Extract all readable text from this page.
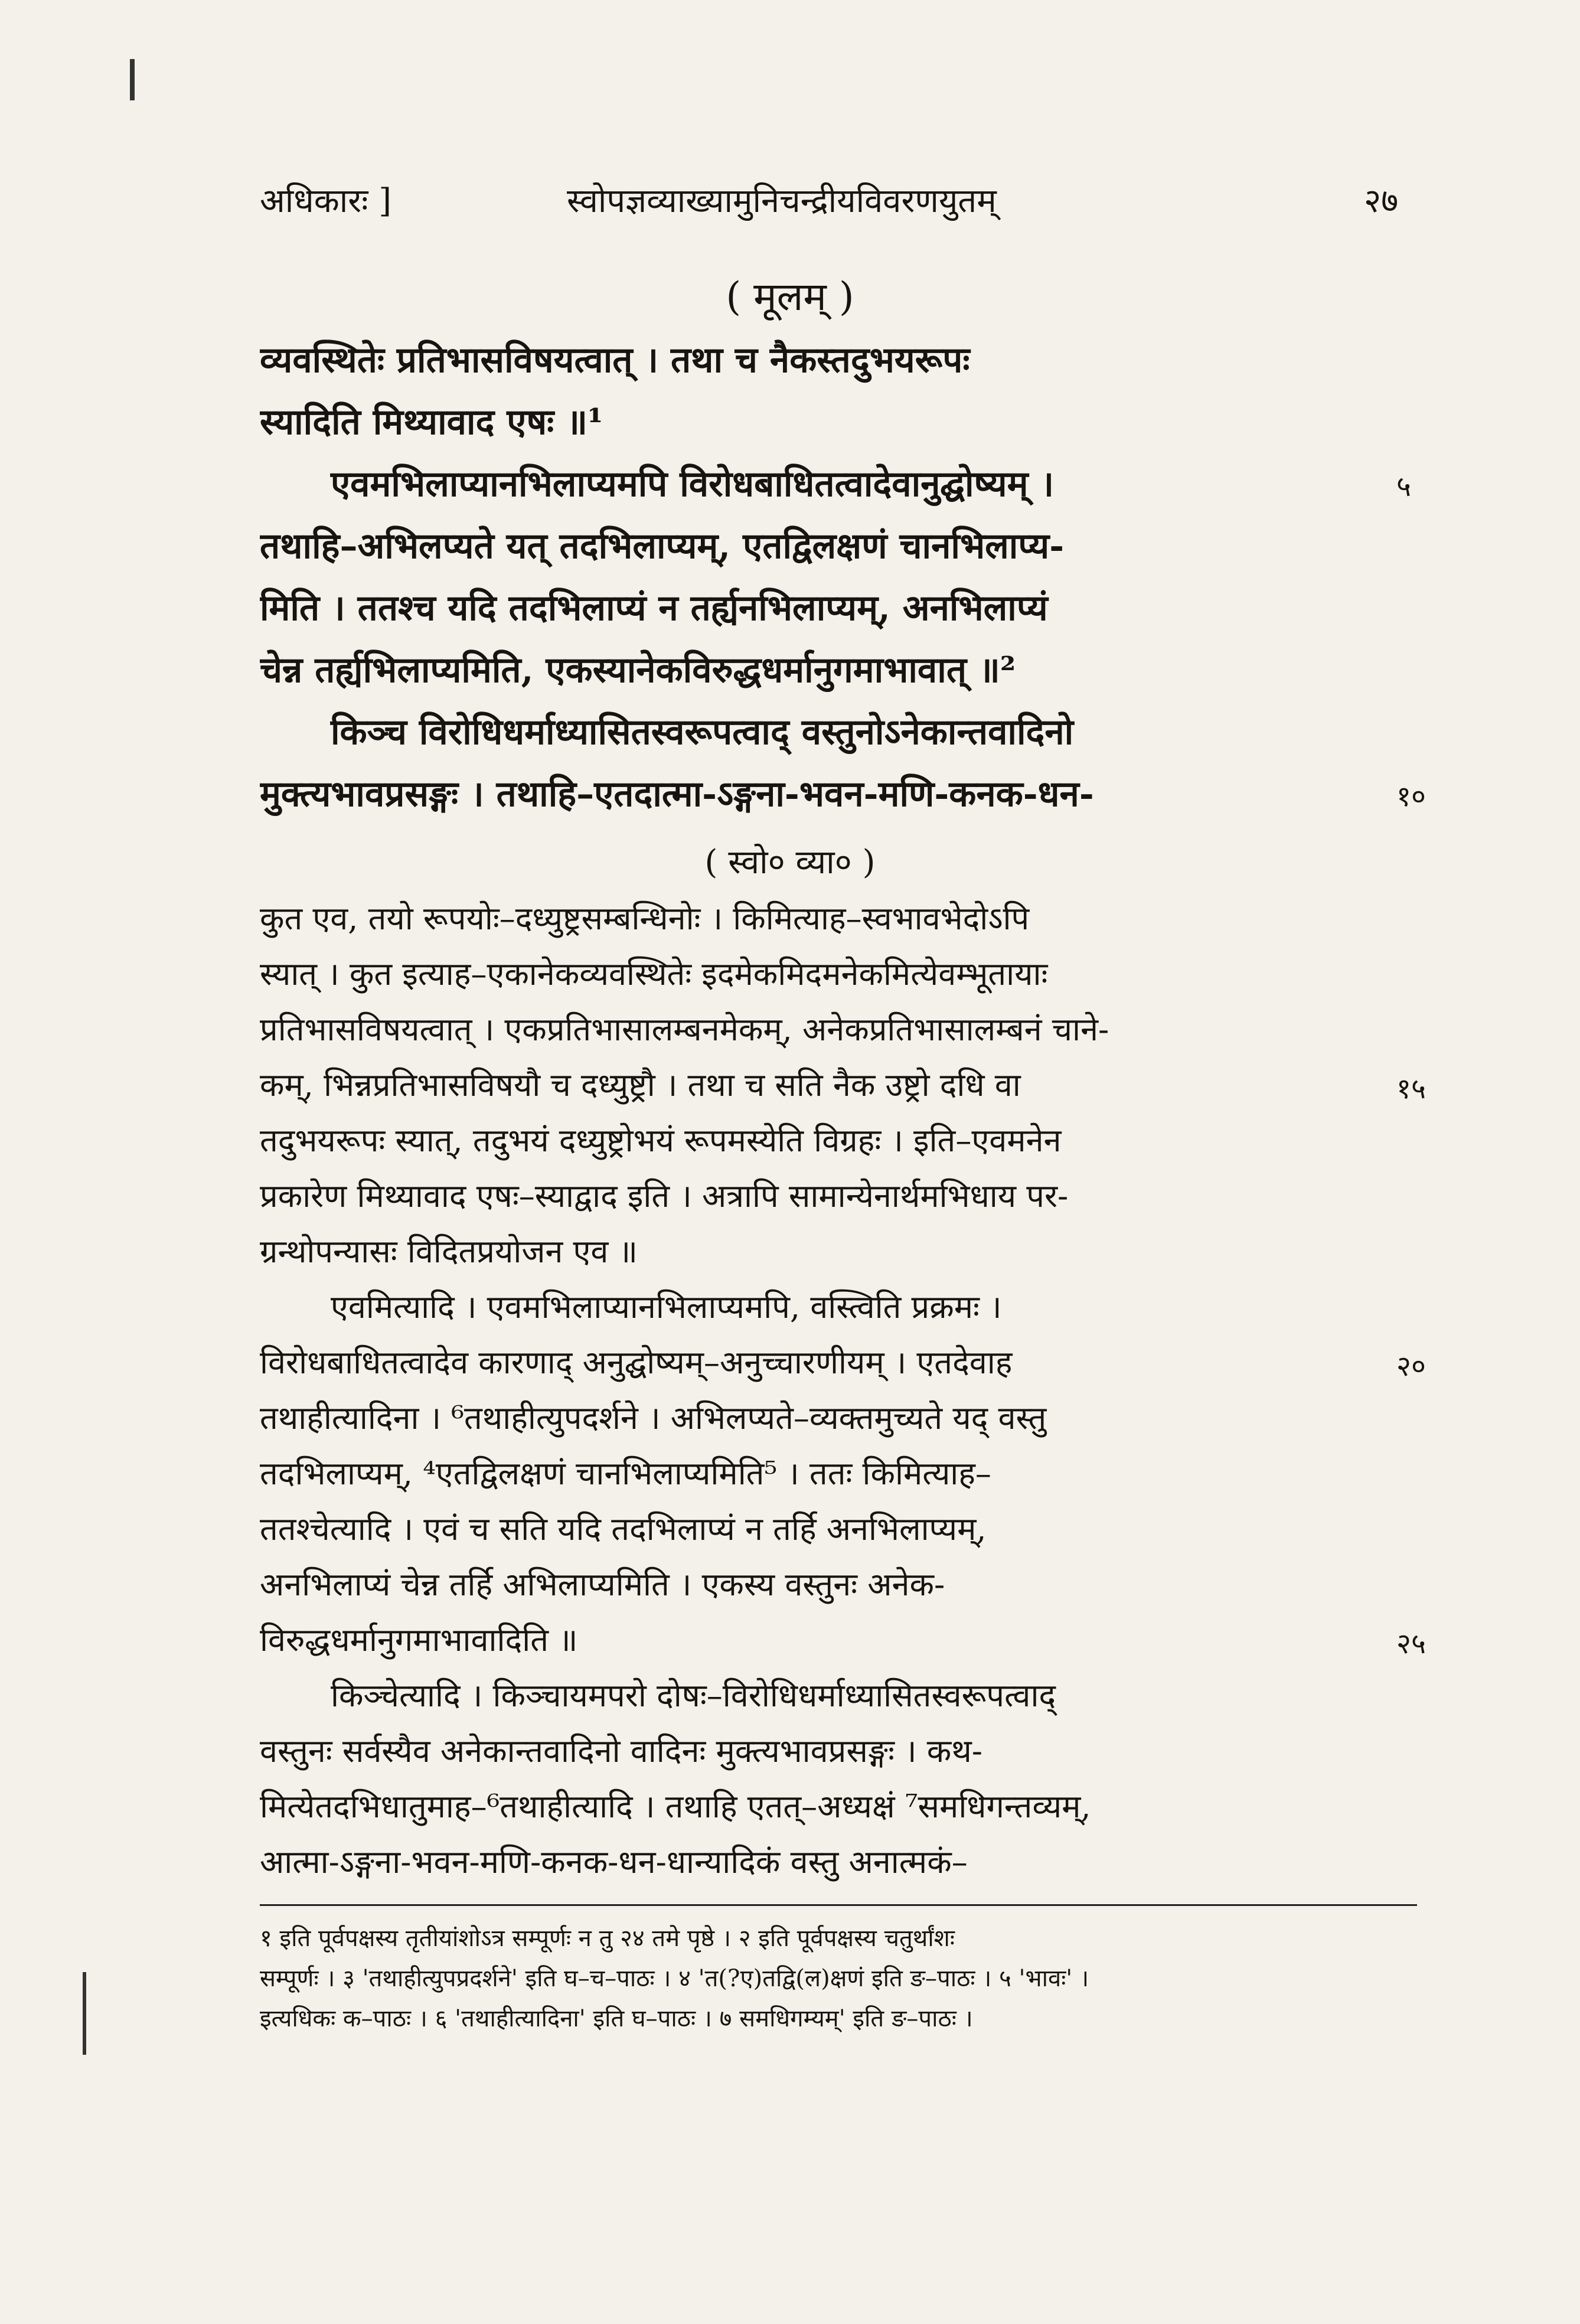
अधिकारः ]	स्वोपज्ञव्याख्यामुनिचन्द्रीयविवरणयुतम्	२७
( मूलम् )
व्यवस्थितेः प्रतिभासविषयत्वात् । तथा च नैकस्तदुभयरूपः
स्यादिति मिथ्यावाद एषः ॥¹
एवमभिलाप्यानभिलाप्यमपि विरोधबाधितत्वादेवानुद्घोष्यम् ।
तथाहि–अभिलप्यते यत् तदभिलाप्यम्, एतद्विलक्षणं चानभिलाप्य-
मिति । ततश्च यदि तदभिलाप्यं न तर्ह्यनभिलाप्यम्, अनभिलाप्यं
चेन्न तर्ह्यभिलाप्यमिति, एकस्यानेकविरुद्धधर्मानुगमाभावात् ॥²
किञ्च विरोधिधर्माध्यासितस्वरूपत्वाद् वस्तुनोऽनेकान्तवादिनो
मुक्त्यभावप्रसङ्गः । तथाहि–एतदात्मा-ऽङ्गना-भवन-मणि-कनक-धन-
५
१०
( स्वो० व्या० )
कुत एव, तयो रूपयोः–दध्युष्ट्रसम्बन्धिनोः । किमित्याह–स्वभावभेदोऽपि
स्यात् । कुत इत्याह–एकानेकव्यवस्थितेः इदमेकमिदमनेकमित्येवम्भूतायाः
प्रतिभासविषयत्वात् । एकप्रतिभासालम्बनमेकम्, अनेकप्रतिभासालम्बनं चाने-
कम्, भिन्नप्रतिभासविषयौ च दध्युष्ट्रौ । तथा च सति नैक उष्ट्रो दधि वा
तदुभयरूपः स्यात्, तदुभयं दध्युष्ट्रोभयं रूपमस्येति विग्रहः । इति–एवमनेन
प्रकारेण मिथ्यावाद एषः–स्याद्वाद इति । अत्रापि सामान्येनार्थमभिधाय पर-
ग्रन्थोपन्यासः विदितप्रयोजन एव ॥
एवमित्यादि । एवमभिलाप्यानभिलाप्यमपि, वस्त्विति प्रक्रमः ।
विरोधबाधितत्वादेव कारणाद् अनुद्घोष्यम्–अनुच्चारणीयम् । एतदेवाह
तथाहीत्यादिना । ⁶तथाहीत्युपदर्शने । अभिलप्यते–व्यक्तमुच्यते यद् वस्तु
तदभिलाप्यम्, ⁴एतद्विलक्षणं चानभिलाप्यमिति⁵ । ततः किमित्याह–
ततश्चेत्यादि । एवं च सति यदि तदभिलाप्यं न तर्हि अनभिलाप्यम्,
अनभिलाप्यं चेन्न तर्हि अभिलाप्यमिति । एकस्य वस्तुनः अनेक-
विरुद्धधर्मानुगमाभावादिति ॥
किञ्चेत्यादि । किञ्चायमपरो दोषः–विरोधिधर्माध्यासितस्वरूपत्वाद्
वस्तुनः सर्वस्यैव अनेकान्तवादिनो वादिनः मुक्त्यभावप्रसङ्गः । कथ-
मित्येतदभिधातुमाह–⁶तथाहीत्यादि । तथाहि एतत्–अध्यक्षं ⁷समधिगन्तव्यम्,
आत्मा-ऽङ्गना-भवन-मणि-कनक-धन-धान्यादिकं वस्तु अनात्मकं–
१५
२०
२५
१ इति पूर्वपक्षस्य तृतीयांशोऽत्र सम्पूर्णः न तु २४ तमे पृष्ठे । २ इति पूर्वपक्षस्य चतुर्थांशः
सम्पूर्णः । ३ 'तथाहीत्युपप्रदर्शने' इति घ–च–पाठः । ४ 'त(?ए)तद्वि(ल)क्षणं इति ङ–पाठः । ५ 'भावः' ।
इत्यधिकः क–पाठः । ६ 'तथाहीत्यादिना' इति घ–पाठः । ७ समधिगम्यम्' इति ङ–पाठः ।
